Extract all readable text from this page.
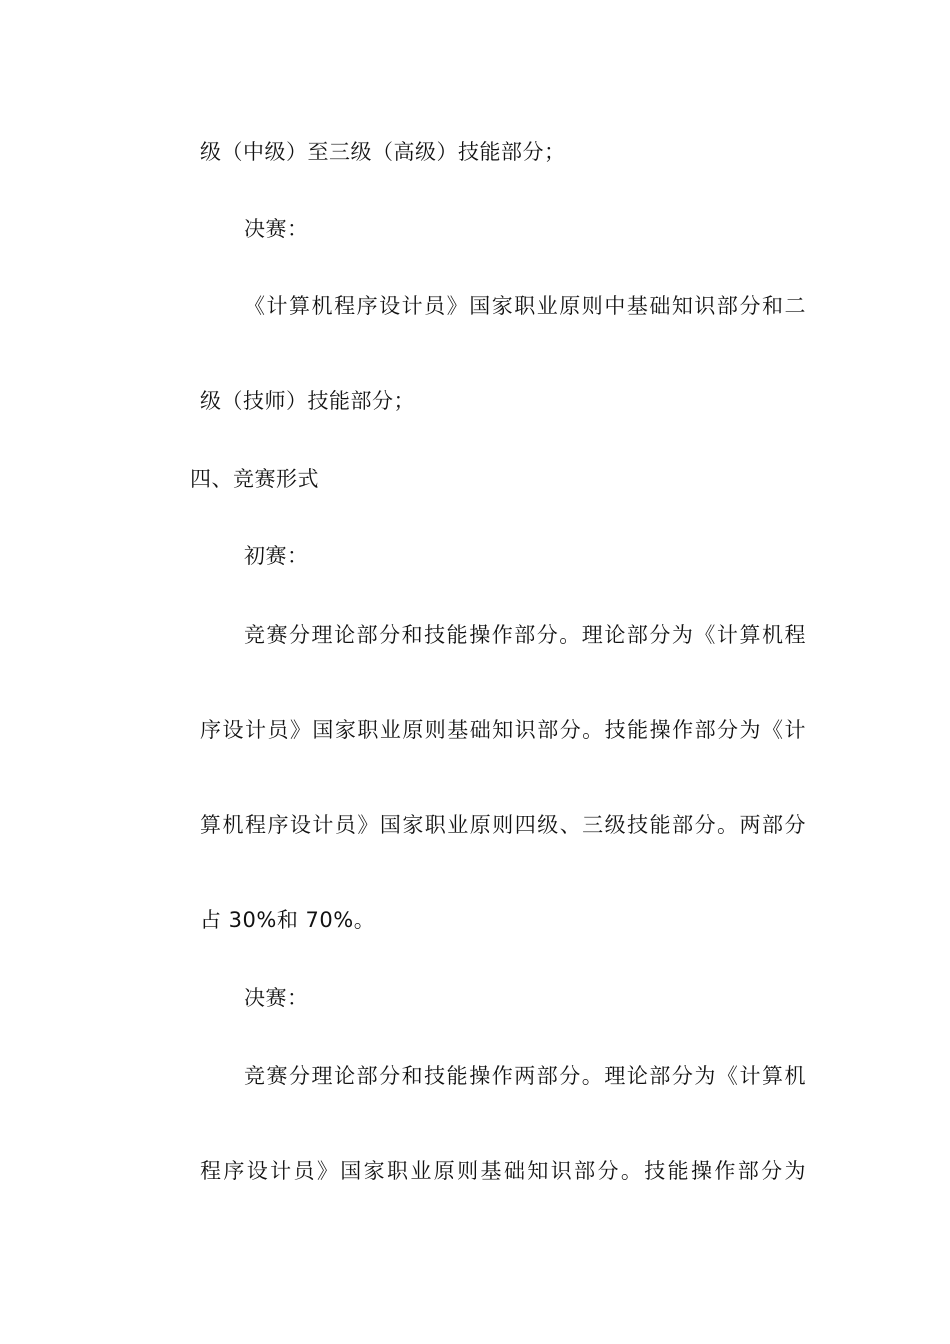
级（中级）至三级（高级）技能部分；
决赛：
《计算机程序设计员》国家职业原则中基础知识部分和二
级（技师）技能部分；
四、竞赛形式
初赛：
竞赛分理论部分和技能操作部分。理论部分为《计算机程
序设计员》国家职业原则基础知识部分。技能操作部分为《计
算机程序设计员》国家职业原则四级、三级技能部分。两部分
占 30%和 70%。
决赛：
竞赛分理论部分和技能操作两部分。理论部分为《计算机
程序设计员》国家职业原则基础知识部分。技能操作部分为
